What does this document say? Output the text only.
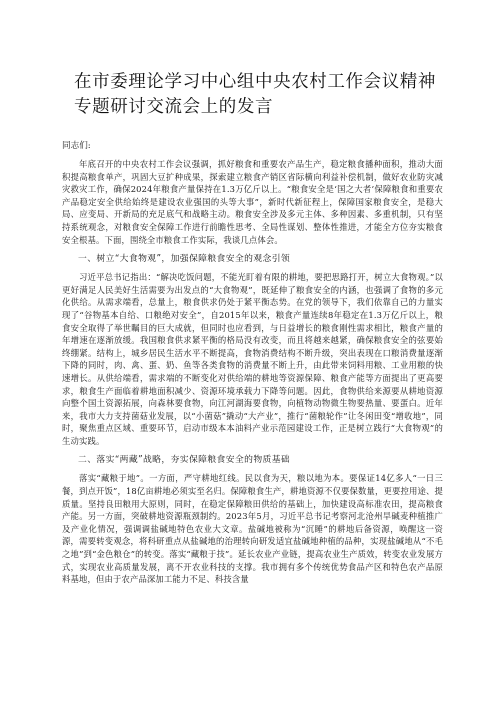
在市委理论学习中心组中央农村工作会议精神专题研讨交流会上的发言
同志们:

年底召开的中央农村工作会议强调，抓好粮食和重要农产品生产，稳定粮食播种面积，推动大面积提高粮食单产，巩固大豆扩种成果，探索建立粮食产销区省际横向利益补偿机制，做好农业防灾减灾救灾工作，确保2024年粮食产量保持在1.3万亿斤以上。“粮食安全是‘国之大者’保障粮食和重要农产品稳定安全供给始终是建设农业强国的头等大事”，新时代新征程上，保障国家粮食安全，是稳大局、应变局、开新局的充足底气和战略主动。粮食安全涉及多元主体、多种因素、多重机制，只有坚持系统观念，对粮食安全保障工作进行前瞻性思考、全局性谋划、整体性推进，才能全方位夯实粮食安全根基。下面，围绕全市粮食工作实际，我谈几点体会。

一、树立“大食物观”，加强保障粮食安全的观念引领

习近平总书记指出：“解决吃饭问题，不能光盯着有限的耕地，要把思路打开，树立大食物观。”以更好满足人民美好生活需要为出发点的“大食物观”，既延伸了粮食安全的内涵，也强调了食物的多元化供给。从需求端看，总量上，粮食供求仍处于紧平衡态势。在党的领导下，我们依靠自己的力量实现了“谷物基本自给、口粮绝对安全”，自2015年以来，粮食产量连续8年稳定在1.3万亿斤以上，粮食安全取得了举世瞩目的巨大成就，但同时也应看到，与日益增长的粮食刚性需求相比，粮食产量的年增速在逐渐放缓。我国粮食供求紧平衡的格局没有改变，而且将越来越紧，确保粮食安全的弦要始终绷紧。结构上，城乡居民生活水平不断提高，食物消费结构不断升级，突出表现在口粮消费量逐渐下降的同时，肉、禽、蛋、奶、鱼等各类食物的消费量不断上升，由此带来饲料用粮、工业用粮的快速增长。从供给端看，需求端的不断变化对供给端的耕地等资源保障、粮食产能等方面提出了更高要求，粮食生产面临着耕地面积减少、资源环境承载力下降等问题。因此，食物供给来源要从耕地资源向整个国土资源拓展，向森林要食物，向江河湖海要食物，向植物动物微生物要热量、要蛋白。近年来，我市大力支持菌菇业发展，以“小菌菇”撬动“大产业”，推行“菌粮轮作”让冬闲田变“增收地”，同时，聚焦重点区域、重要环节，启动市级本本油料产业示范园建设工作，正是树立践行“大食物观”的生动实践。

二、落实“两藏”战略，夯实保障粮食安全的物质基础

落实“藏粮于地”。一方面，严守耕地红线。民以食为天，粮以地为本。要保证14亿多人“一日三餐，到点开饭”，18亿亩耕地必须实至名归。保障粮食生产，耕地资源不仅要保数量，更要控用途、提质量。坚持良田粮用大原则，同时，在稳定保障粮田供给的基础上，加快建设高标准农田，提高粮食产能。另一方面，突破耕地资源瓶颈制约。2023年5月，习近平总书记考察河北沧州旱碱麦种植推广及产业化情况，强调调盐碱地特色农业大文章。盐碱地被称为“沉睡”的耕地后备资源，唤醒这一资源，需要转变观念，将科研重点从盐碱地的治理转向研发适宜盐碱地种植的品种，实现盐碱地从“不毛之地”到“金色粮仓”的转变。落实“藏粮于技”。延长农业产业链，提高农业生产质效，转变农业发展方式，实现农业高质量发展，离不开农业科技的支撑。我市拥有多个传统优势食品产区和特色农产品原料基地，但由于农产品深加工能力不足、科技含量
